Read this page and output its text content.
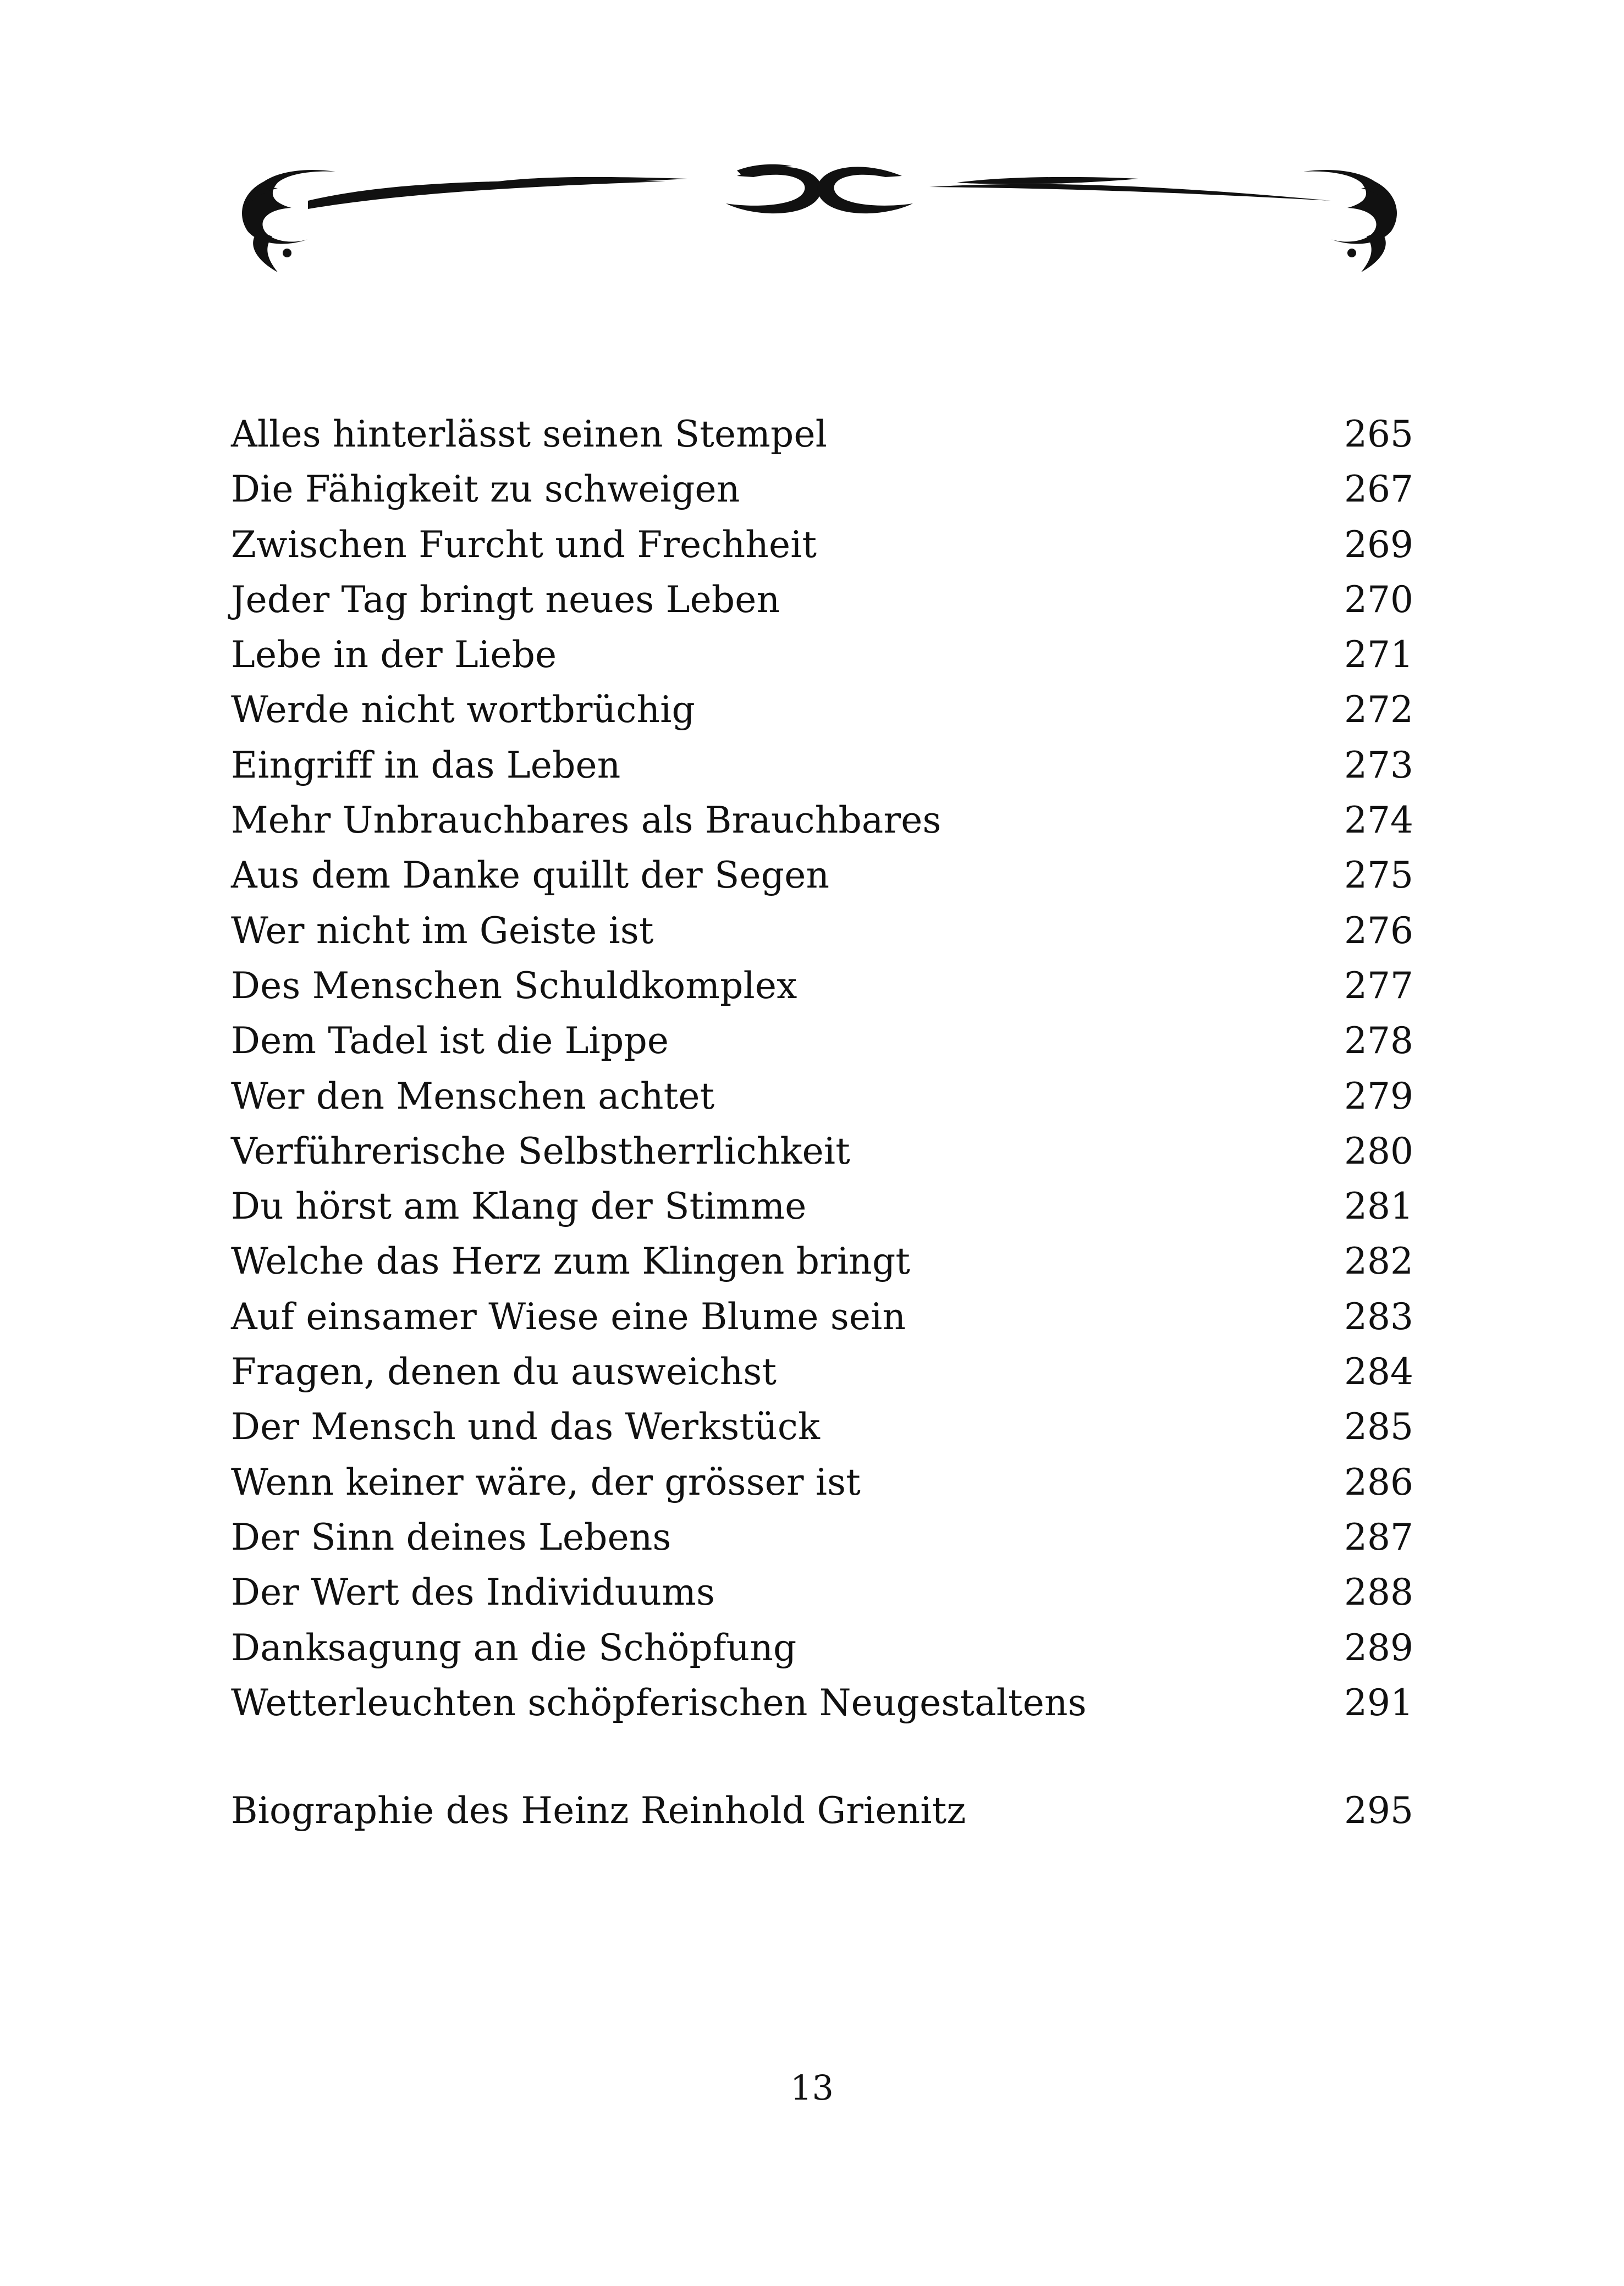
Alles hinterlässt seinen Stempel	265
Die Fähigkeit zu schweigen	267
Zwischen Furcht und Frechheit	269
Jeder Tag bringt neues Leben	270
Lebe in der Liebe	271
Werde nicht wortbrüchig	272
Eingriff in das Leben	273
Mehr Unbrauchbares als Brauchbares	274
Aus dem Danke quillt der Segen	275
Wer nicht im Geiste ist	276
Des Menschen Schuldkomplex	277
Dem Tadel ist die Lippe	278
Wer den Menschen achtet	279
Verführerische Selbstherrlichkeit	280
Du hörst am Klang der Stimme	281
Welche das Herz zum Klingen bringt	282
Auf einsamer Wiese eine Blume sein	283
Fragen, denen du ausweichst	284
Der Mensch und das Werkstück	285
Wenn keiner wäre, der grösser ist	286
Der Sinn deines Lebens	287
Der Wert des Individuums	288
Danksagung an die Schöpfung	289
Wetterleuchten schöpferischen Neugestaltens	291
Biographie des Heinz Reinhold Grienitz	295
13
